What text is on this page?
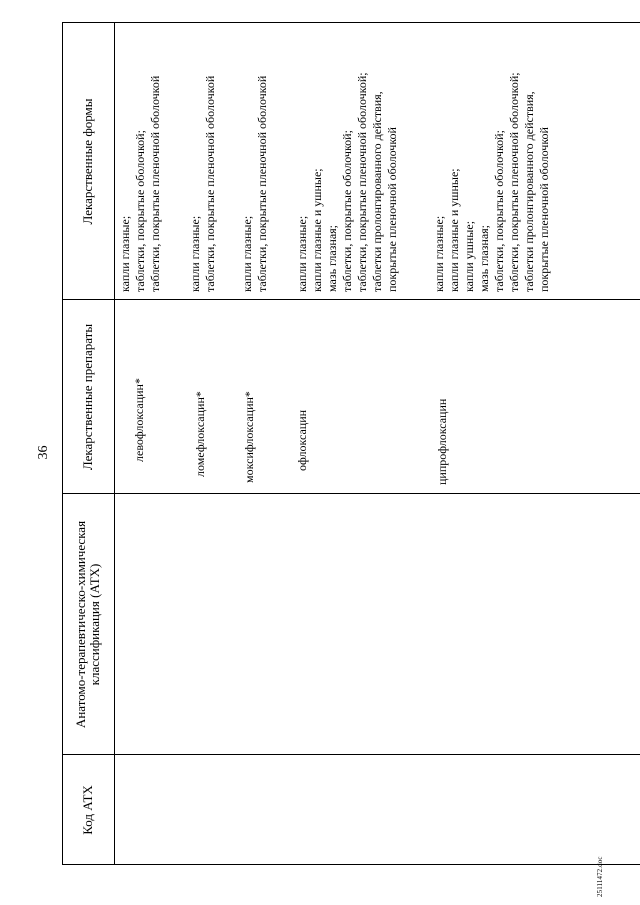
36
25111472.doc
Код АТХ
Анатомо-терапевтическо-химическая классификация (АТХ)
Лекарственные препараты
Лекарственные формы
левофлоксацин*
капли глазные; таблетки, покрытые оболочкой; таблетки, покрытые пленочной оболочкой
ломефлоксацин*
капли глазные; таблетки, покрытые пленочной оболочкой
моксифлоксацин*
капли глазные; таблетки, покрытые пленочной оболочкой
офлоксацин
капли глазные; капли глазные и ушные; мазь глазная; таблетки, покрытые оболочкой; таблетки, покрытые пленочной оболочкой; таблетки пролонгированного действия, покрытые пленочной оболочкой
ципрофлоксацин
капли глазные; капли глазные и ушные; капли ушные; мазь глазная; таблетки, покрытые оболочкой; таблетки, покрытые пленочной оболочкой; таблетки пролонгированного действия, покрытые пленочной оболочкой
